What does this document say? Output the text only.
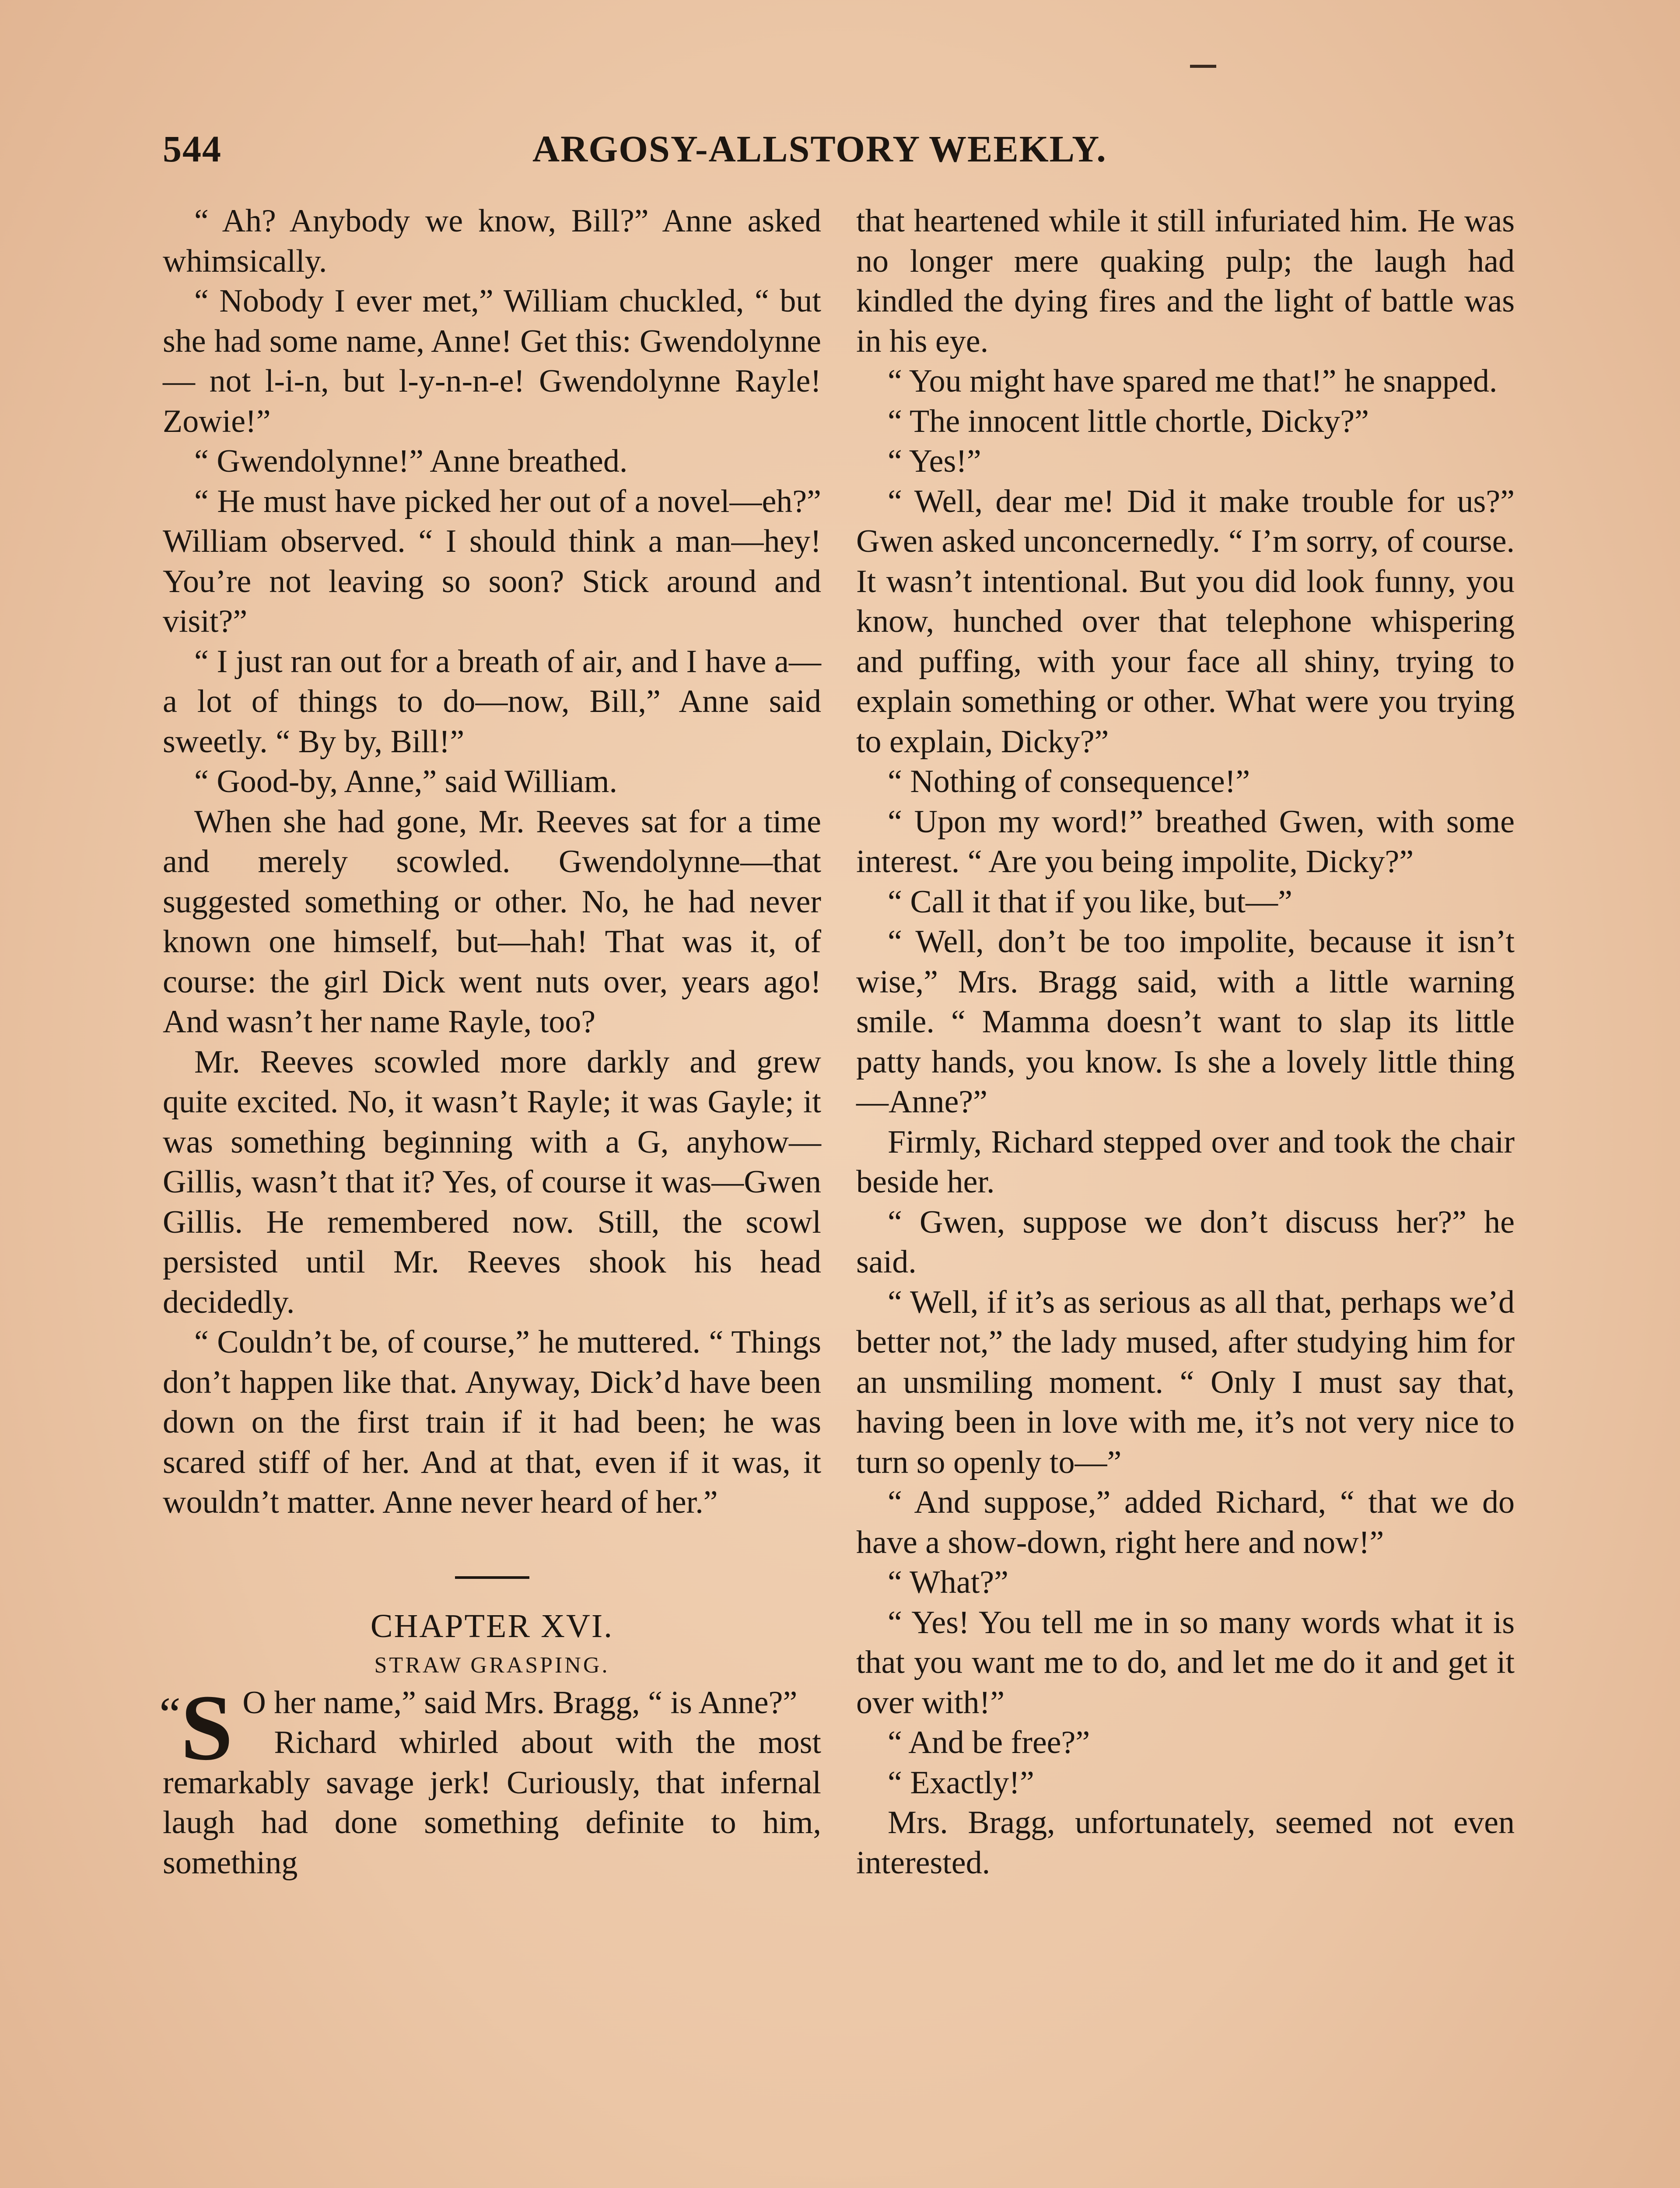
544	ARGOSY-ALLSTORY WEEKLY.

“ Ah? Anybody we know, Bill?” Anne asked whimsically.

“ Nobody I ever met,” William chuckled, “ but she had some name, Anne! Get this: Gwendolynne — not l-i-n, but l-y-n-n-e! Gwendolynne Rayle! Zowie!”

“ Gwendolynne!” Anne breathed.

“ He must have picked her out of a novel—eh?” William observed. “ I should think a man—hey! You’re not leaving so soon? Stick around and visit?”

“ I just ran out for a breath of air, and I have a—a lot of things to do—now, Bill,” Anne said sweetly. “ By by, Bill!”

“ Good-by, Anne,” said William.

When she had gone, Mr. Reeves sat for a time and merely scowled. Gwendolynne—that suggested something or other. No, he had never known one himself, but—hah! That was it, of course: the girl Dick went nuts over, years ago! And wasn’t her name Rayle, too?

Mr. Reeves scowled more darkly and grew quite excited. No, it wasn’t Rayle; it was Gayle; it was something beginning with a G, anyhow—Gillis, wasn’t that it? Yes, of course it was—Gwen Gillis. He remembered now. Still, the scowl persisted until Mr. Reeves shook his head decidedly.

“ Couldn’t be, of course,” he muttered. “ Things don’t happen like that. Anyway, Dick’d have been down on the first train if it had been; he was scared stiff of her. And at that, even if it was, it wouldn’t matter. Anne never heard of her.”

CHAPTER XVI.

STRAW GRASPING.

“S O her name,” said Mrs. Bragg, “ is Anne?”

Richard whirled about with the most remarkably savage jerk! Curiously, that infernal laugh had done something definite to him, something

that heartened while it still infuriated him. He was no longer mere quaking pulp; the laugh had kindled the dying fires and the light of battle was in his eye.

“ You might have spared me that!” he snapped.

“ The innocent little chortle, Dicky?”

“ Yes!”

“ Well, dear me! Did it make trouble for us?” Gwen asked unconcernedly. “ I’m sorry, of course. It wasn’t intentional. But you did look funny, you know, hunched over that telephone whispering and puffing, with your face all shiny, trying to explain something or other. What were you trying to explain, Dicky?”

“ Nothing of consequence!”

“ Upon my word!” breathed Gwen, with some interest. “ Are you being impolite, Dicky?”

“ Call it that if you like, but—”

“ Well, don’t be too impolite, because it isn’t wise,” Mrs. Bragg said, with a little warning smile. “ Mamma doesn’t want to slap its little patty hands, you know. Is she a lovely little thing—Anne?”

Firmly, Richard stepped over and took the chair beside her.

“ Gwen, suppose we don’t discuss her?” he said.

“ Well, if it’s as serious as all that, perhaps we’d better not,” the lady mused, after studying him for an unsmiling moment. “ Only I must say that, having been in love with me, it’s not very nice to turn so openly to—”

“ And suppose,” added Richard, “ that we do have a show-down, right here and now!”

“ What?”

“ Yes! You tell me in so many words what it is that you want me to do, and let me do it and get it over with!”

“ And be free?”

“ Exactly!”

Mrs. Bragg, unfortunately, seemed not even interested.
